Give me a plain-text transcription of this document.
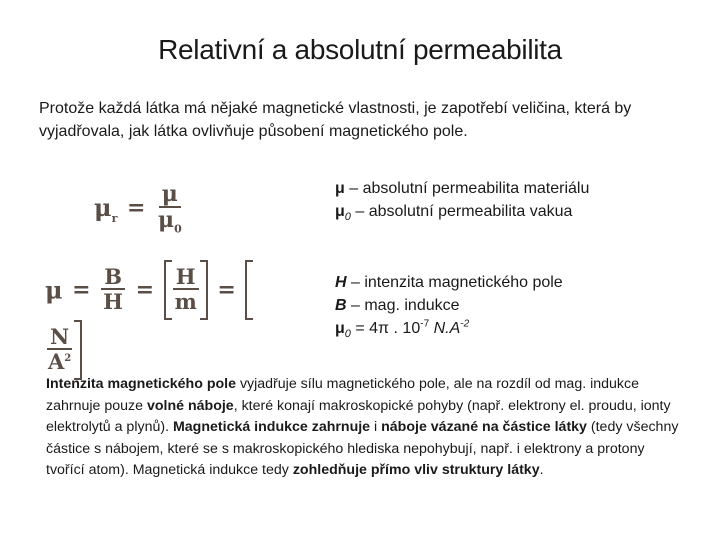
Relativní a absolutní permeabilita
Protože každá látka má nějaké magnetické vlastnosti, je zapotřebí veličina, která by vyjadřovala, jak látka ovlivňuje působení magnetického pole.
$\mu_r = \frac{\mu}{\mu_0}$
$\mu = \frac{B}{H} = \frac{H}{m}$ =
$\frac{N}{A^2}$
μ – absolutní permeabilita materiálu
$\mu_0$ – absolutní permeabilita vakua
H – intenzita magnetického pole
B – mag. indukce
$\mu_0 = 4\pi$ . $10^{-7}$ $N.A^{-2}$
Intenzita magnetického pole vyjadřuje sílu magnetického pole, ale na rozdíl od mag. indukce zahrnuje pouze volné náboje, které konají makroskopické pohyby (např. elektrony el. proudu, ionty elektrolytů a plynů). Magnetická indukce zahrnuje i náboje vázané na částice látky (tedy všechny částice s nábojem, které se s makroskopického hlediska nepohybují, např. i elektrony a protony tvořící atom). Magnetická indukce tedy zohledňuje přímo vliv struktury látky.
